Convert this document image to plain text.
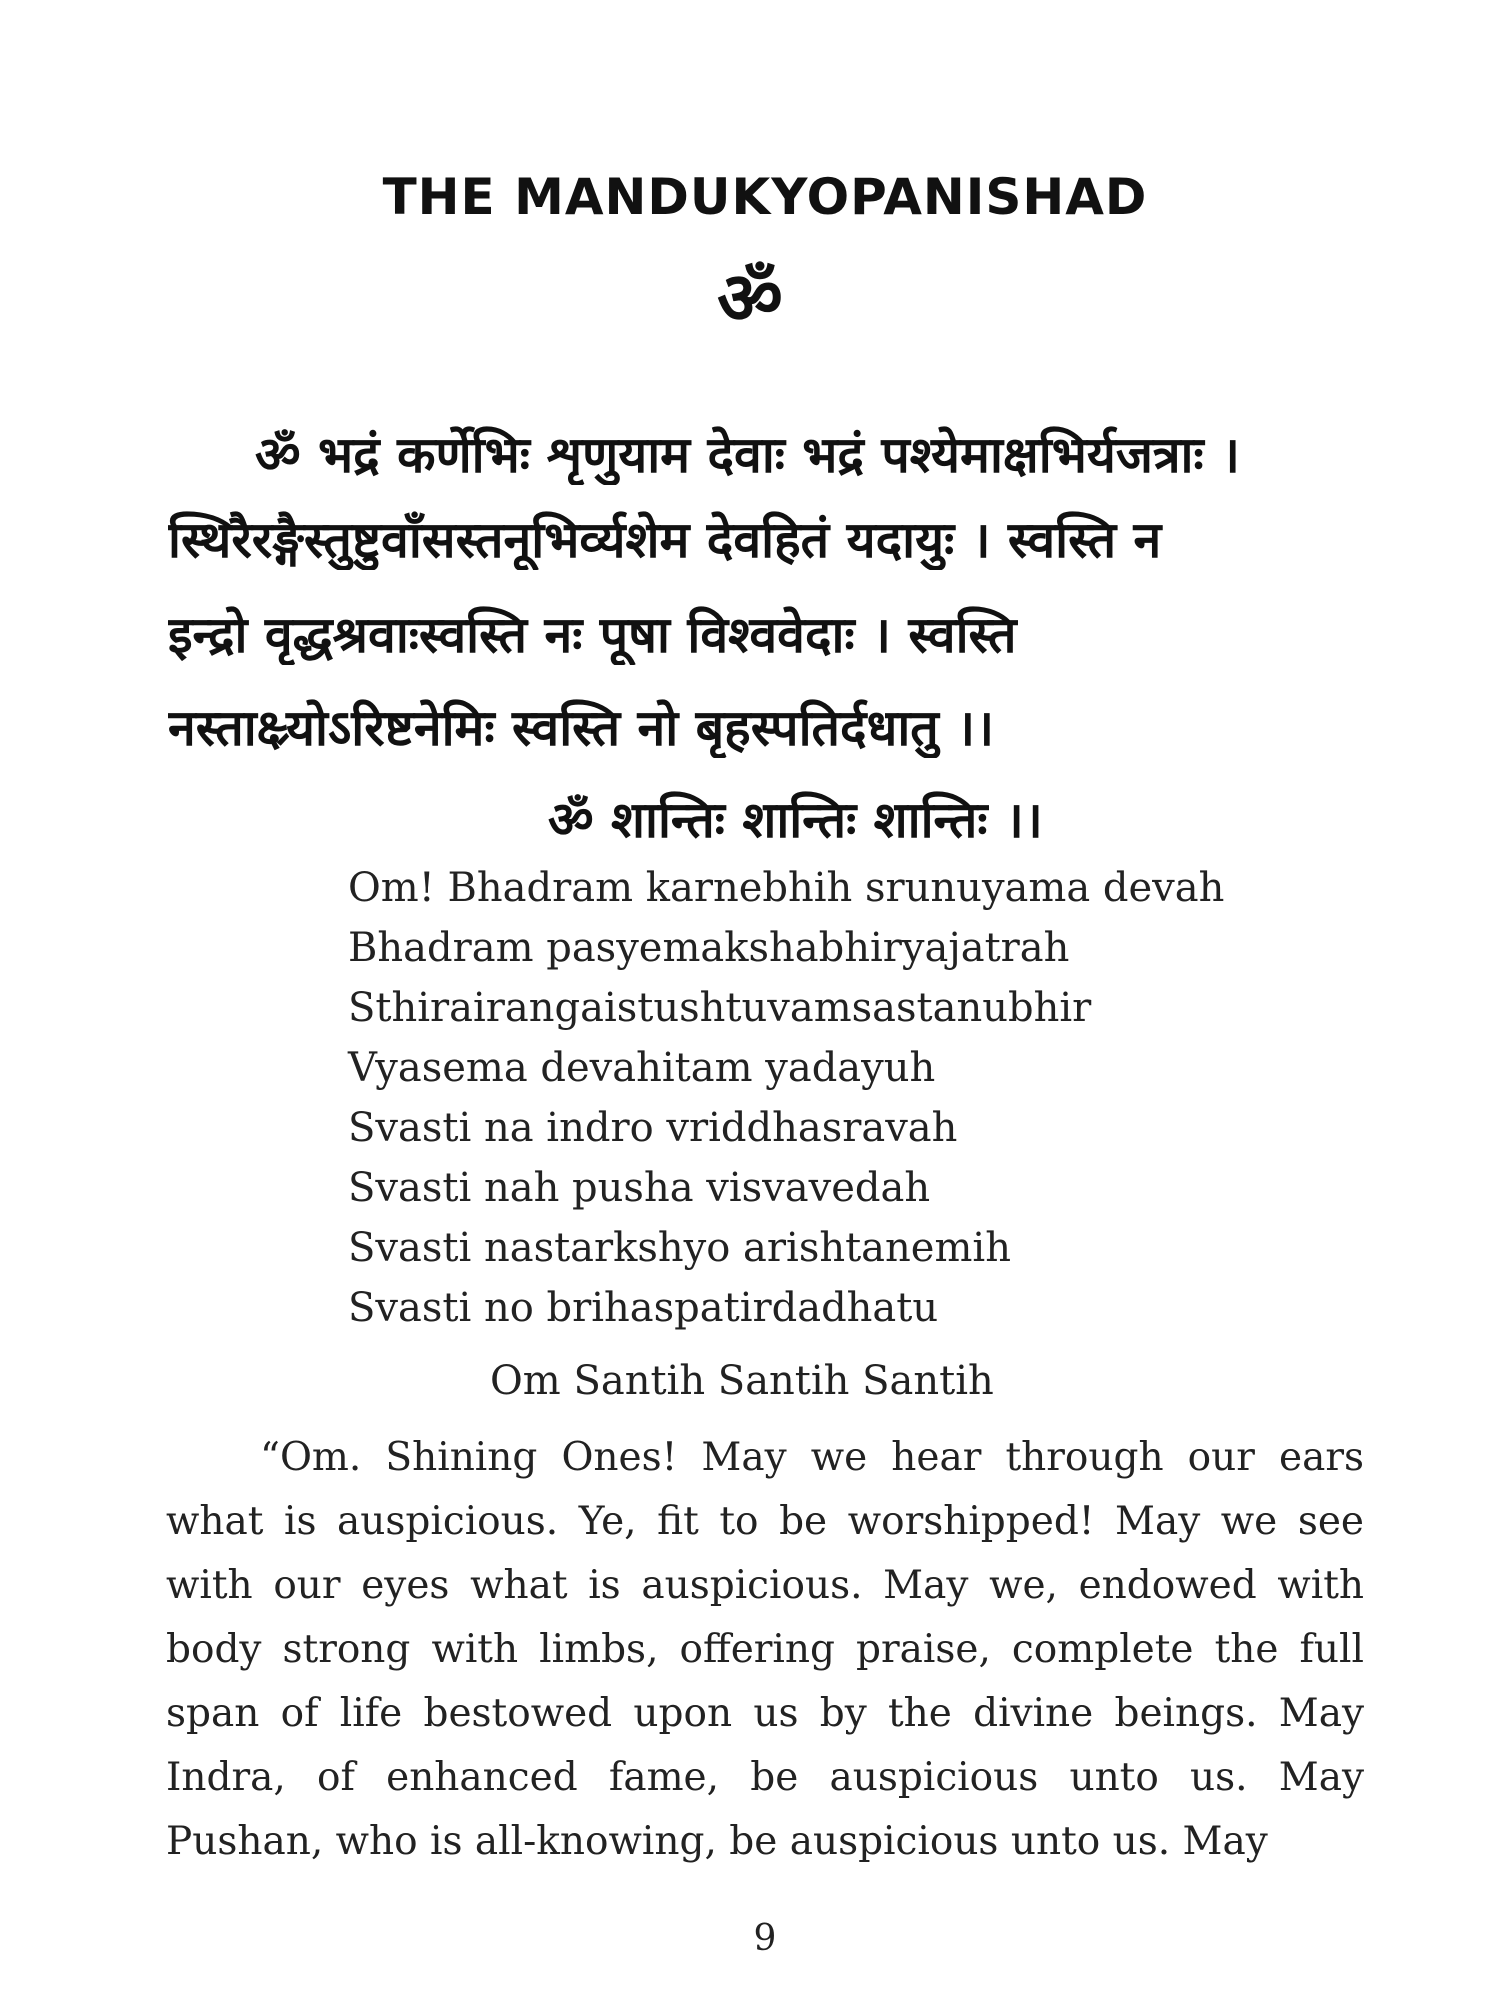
THE MANDUKYOPANISHAD
ॐ
ॐ भद्रं कर्णेभिः शृणुयाम देवाः भद्रं पश्येमाक्षभिर्यजत्राः ।
स्थिरैरङ्गैस्तुष्टुवाँसस्तनूभिर्व्यशेम देवहितं यदायुः । स्वस्ति न
इन्द्रो वृद्धश्रवाःस्वस्ति नः पूषा विश्ववेदाः । स्वस्ति
नस्ताक्ष्र्योऽरिष्टनेमिः स्वस्ति नो बृहस्पतिर्दधातु ।।
ॐ शान्तिः शान्तिः शान्तिः ।।
Om! Bhadram karnebhih srunuyama devah
Bhadram pasyemakshabhiryajatrah
Sthirairangaistushtuvamsastanubhir
Vyasema devahitam yadayuh
Svasti na indro vriddhasravah
Svasti nah pusha visvavedah
Svasti nastarkshyo arishtanemih
Svasti no brihaspatirdadhatu
Om Santih Santih Santih

“Om. Shining Ones! May we hear through our ears what is auspicious. Ye, fit to be worshipped! May we see with our eyes what is auspicious. May we, endowed with body strong with limbs, offering praise, complete the full span of life bestowed upon us by the divine beings. May Indra, of enhanced fame, be auspicious unto us. May Pushan, who is all-knowing, be auspicious unto us. May

9
